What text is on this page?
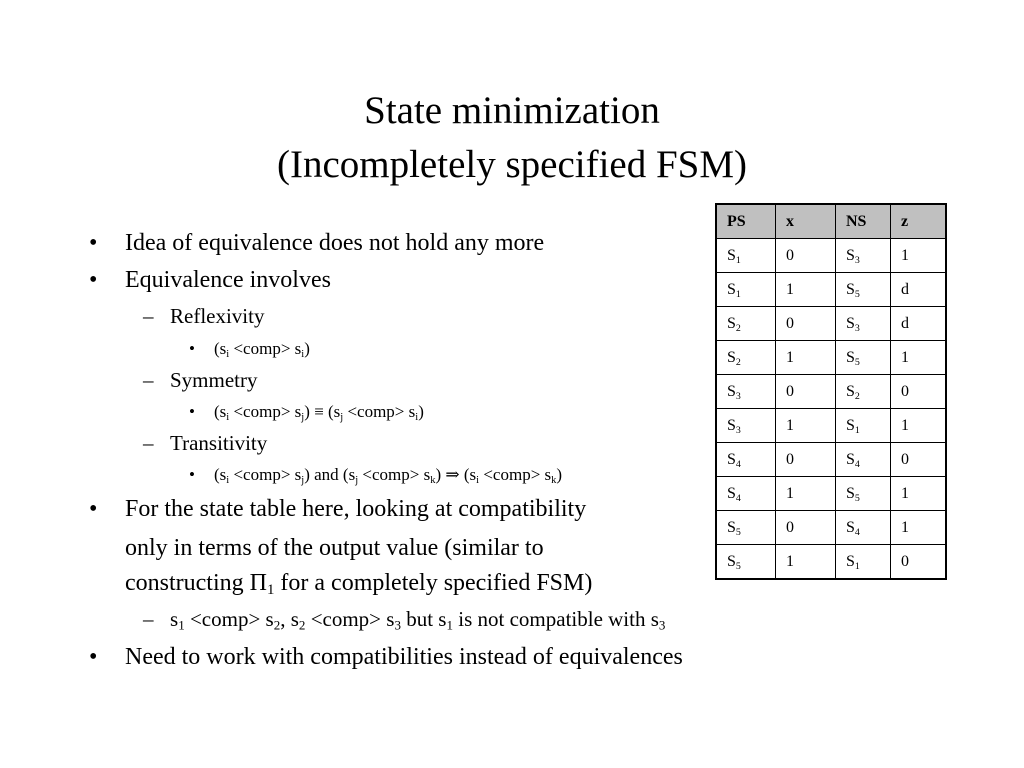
State minimization
(Incompletely specified FSM)
• Idea of equivalence does not hold any more
• Equivalence involves
– Reflexivity
• ($s_i$ <comp> $s_i$)
– Symmetry
• ($s_i$ <comp> $s_j) \equiv (s_j$ <comp> $s_i$)
– Transitivity
• ($s_i$ <comp> $s_j$) and ($s_j$ <comp> $s_k$) ⇒ ($s_i$ <comp> $s_k$)
• For the state table here, looking at compatibility
only in terms of the output value (similar to
constructing $\Pi_1$ for a completely specified FSM)
– $s_1$ <comp> $s_2$, $s_2$ <comp> $s_3$ but $s_1$ is not compatible with $s_3$
• Need to work with compatibilities instead of equivalences
PS	x	NS	z
$S_1$	0	$S_3$	1
$S_1$	1	$S_5$	d
$S_2$	0	$S_3$	d
$S_2$	1	$S_5$	1
$S_3$	0	$S_2$	0
$S_3$	1	$S_1$	1
$S_4$	0	$S_4$	0
$S_4$	1	$S_5$	1
$S_5$	0	$S_4$	1
$S_5$	1	$S_1$	0
